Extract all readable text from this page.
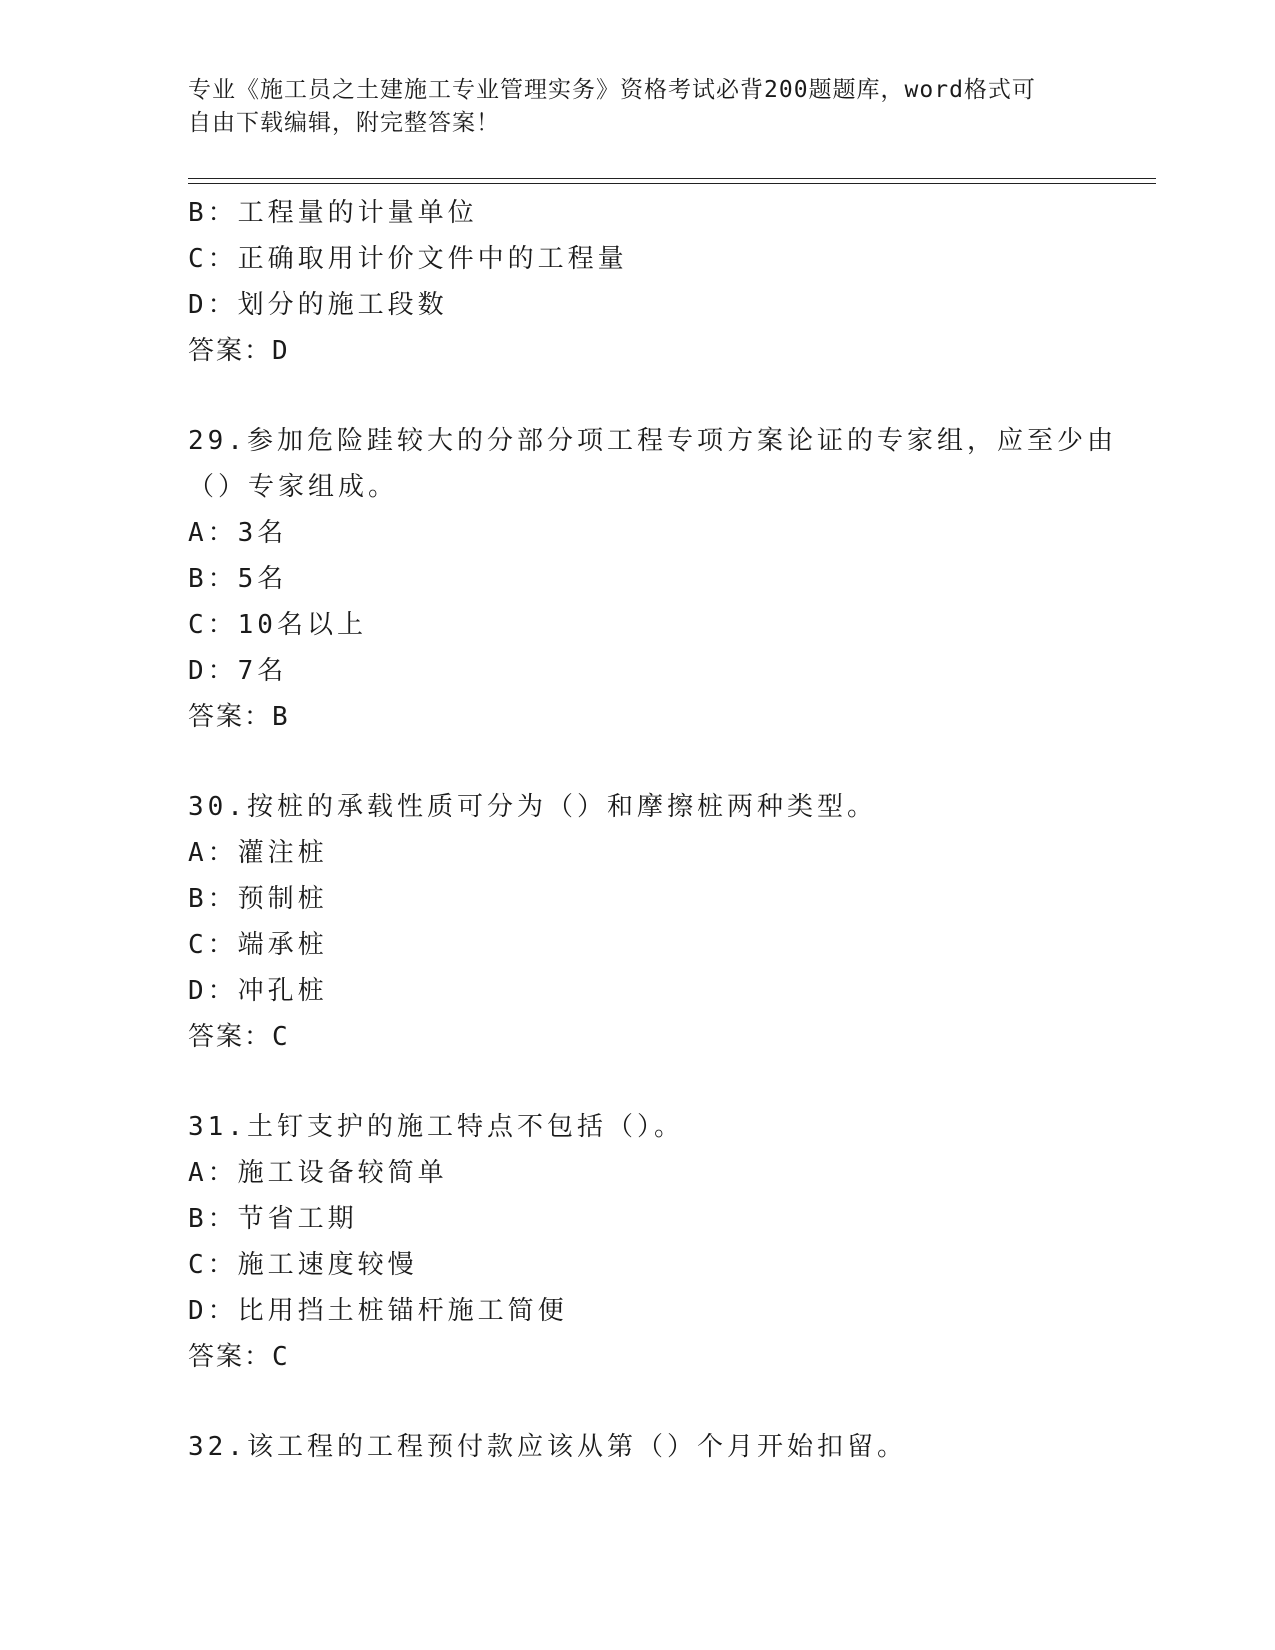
专业《施工员之土建施工专业管理实务》资格考试必背200题题库，word格式可
自由下载编辑，附完整答案！
B：工程量的计量单位
C：正确取用计价文件中的工程量
D：划分的施工段数
答案：D
29.参加危险跬较大的分部分项工程专项方案论证的专家组，应至少由
（）专家组成。
A：3名
B：5名
C：10名以上
D：7名
答案：B
30.按桩的承载性质可分为（）和摩擦桩两种类型。
A：灌注桩
B：预制桩
C：端承桩
D：冲孔桩
答案：C
31.土钉支护的施工特点不包括（）。
A：施工设备较简单
B：节省工期
C：施工速度较慢
D：比用挡土桩锚杆施工简便
答案：C
32.该工程的工程预付款应该从第（）个月开始扣留。
